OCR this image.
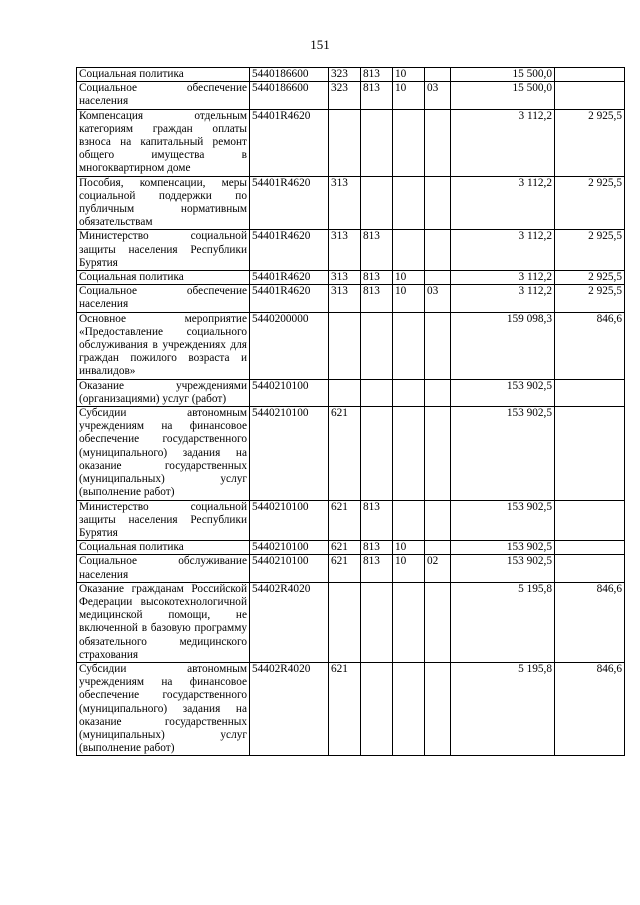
151
Социальная политика	5440186600	323	813	10		15 500,0	
Социальное обеспечение населения	5440186600	323	813	10	03	15 500,0	
Компенсация отдельным категориям граждан оплаты взноса на капитальный ремонт общего имущества в многоквартирном доме	54401R4620					3 112,2	2 925,5
Пособия, компенсации, меры социальной поддержки по публичным нормативным обязательствам	54401R4620	313				3 112,2	2 925,5
Министерство социальной защиты населения Республики Бурятия	54401R4620	313	813			3 112,2	2 925,5
Социальная политика	54401R4620	313	813	10		3 112,2	2 925,5
Социальное обеспечение населения	54401R4620	313	813	10	03	3 112,2	2 925,5
Основное мероприятие «Предоставление социального обслуживания в учреждениях для граждан пожилого возраста и инвалидов»	5440200000					159 098,3	846,6
Оказание учреждениями (организациями) услуг (работ)	5440210100					153 902,5	
Субсидии автономным учреждениям на финансовое обеспечение государственного (муниципального) задания на оказание государственных (муниципальных) услуг (выполнение работ)	5440210100	621				153 902,5	
Министерство социальной защиты населения Республики Бурятия	5440210100	621	813			153 902,5	
Социальная политика	5440210100	621	813	10		153 902,5	
Социальное обслуживание населения	5440210100	621	813	10	02	153 902,5	
Оказание гражданам Российской Федерации высокотехнологичной медицинской помощи, не включенной в базовую программу обязательного медицинского страхования	54402R4020					5 195,8	846,6
Субсидии автономным учреждениям на финансовое обеспечение государственного (муниципального) задания на оказание государственных (муниципальных) услуг (выполнение работ)	54402R4020	621				5 195,8	846,6
